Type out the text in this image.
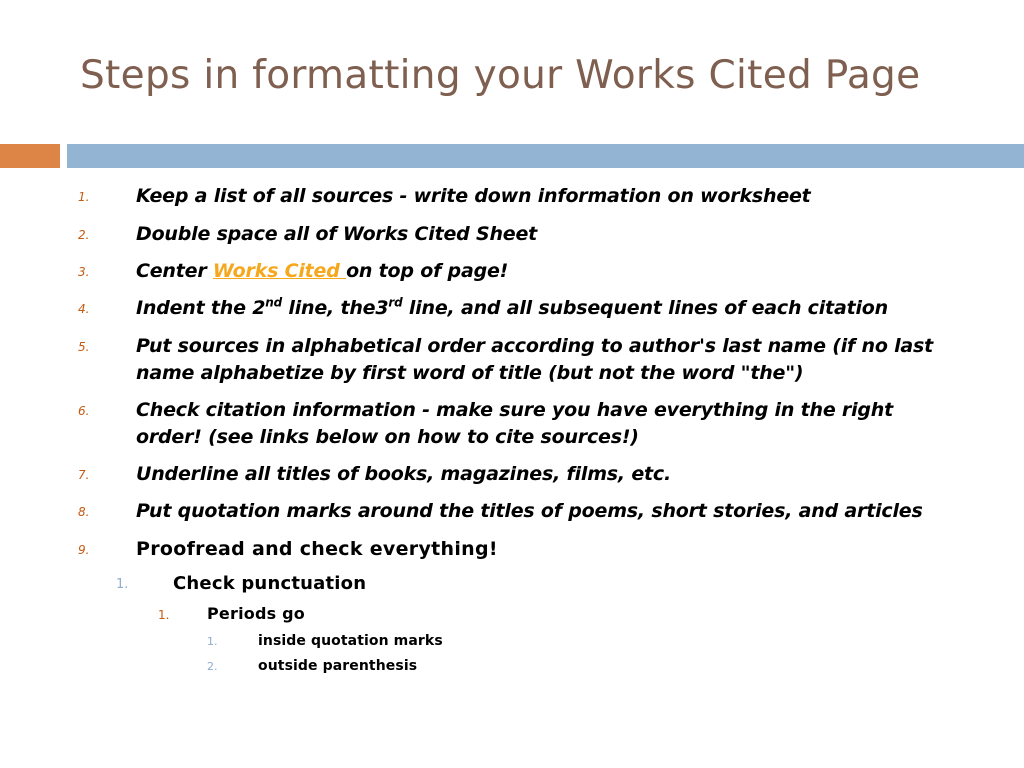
Steps in formatting your Works Cited Page
1. Keep a list of all sources - write down information on worksheet
2. Double space all of Works Cited Sheet
3. Center Works Cited on top of page!
4. Indent the 2nd line, the3rd line, and all subsequent lines of each citation
5. Put sources in alphabetical order according to author's last name (if no last
name alphabetize by first word of title (but not the word "the")
6. Check citation information - make sure you have everything in the right
order! (see links below on how to cite sources!)
7. Underline all titles of books, magazines, films, etc.
8. Put quotation marks around the titles of poems, short stories, and articles
9. Proofread and check everything!
1. Check punctuation
1. Periods go
1.	inside quotation marks
2.	outside parenthesis
